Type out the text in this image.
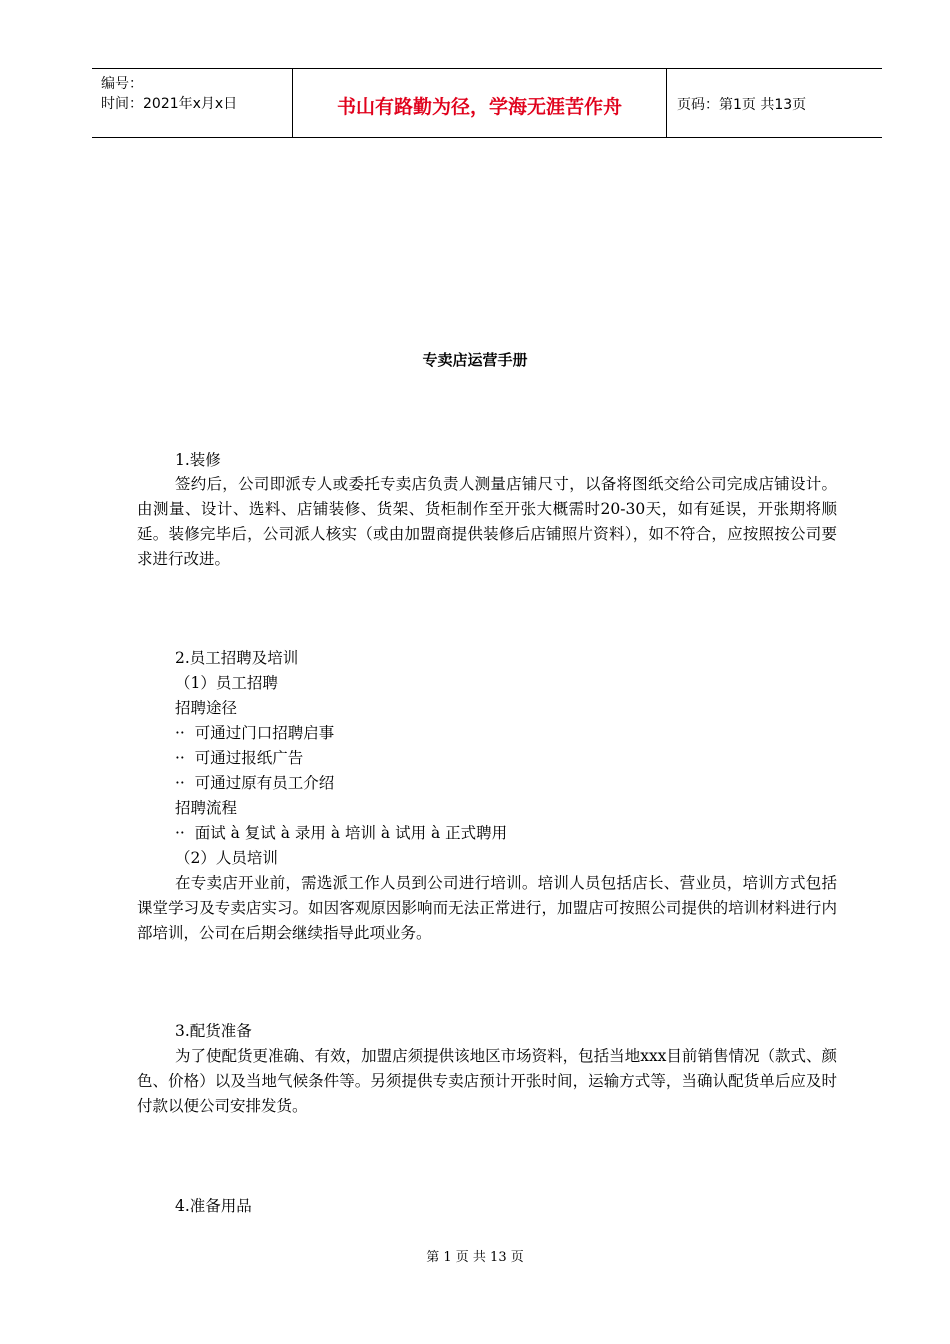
编号：
时间：2021年x月x日	书山有路勤为径，学海无涯苦作舟	页码：第1页 共13页
专卖店运营手册
1.装修
签约后，公司即派专人或委托专卖店负责人测量店铺尺寸，以备将图纸交给公司完成店铺设计。由测量、设计、选料、店铺装修、货架、货柜制作至开张大概需时20-30天，如有延误，开张期将顺延。装修完毕后，公司派人核实（或由加盟商提供装修后店铺照片资料），如不符合，应按照按公司要求进行改进。
2.员工招聘及培训
（1）员工招聘
招聘途径
··  可通过门口招聘启事
··  可通过报纸广告
··  可通过原有员工介绍
招聘流程
··  面试 à 复试 à 录用 à 培训 à 试用 à 正式聘用
（2）人员培训
在专卖店开业前，需选派工作人员到公司进行培训。培训人员包括店长、营业员，培训方式包括课堂学习及专卖店实习。如因客观原因影响而无法正常进行，加盟店可按照公司提供的培训材料进行内部培训，公司在后期会继续指导此项业务。
3.配货准备
为了使配货更准确、有效，加盟店须提供该地区市场资料，包括当地xxx目前销售情况（款式、颜色、价格）以及当地气候条件等。另须提供专卖店预计开张时间，运输方式等，当确认配货单后应及时付款以便公司安排发货。
4.准备用品
第 1 页 共 13 页
